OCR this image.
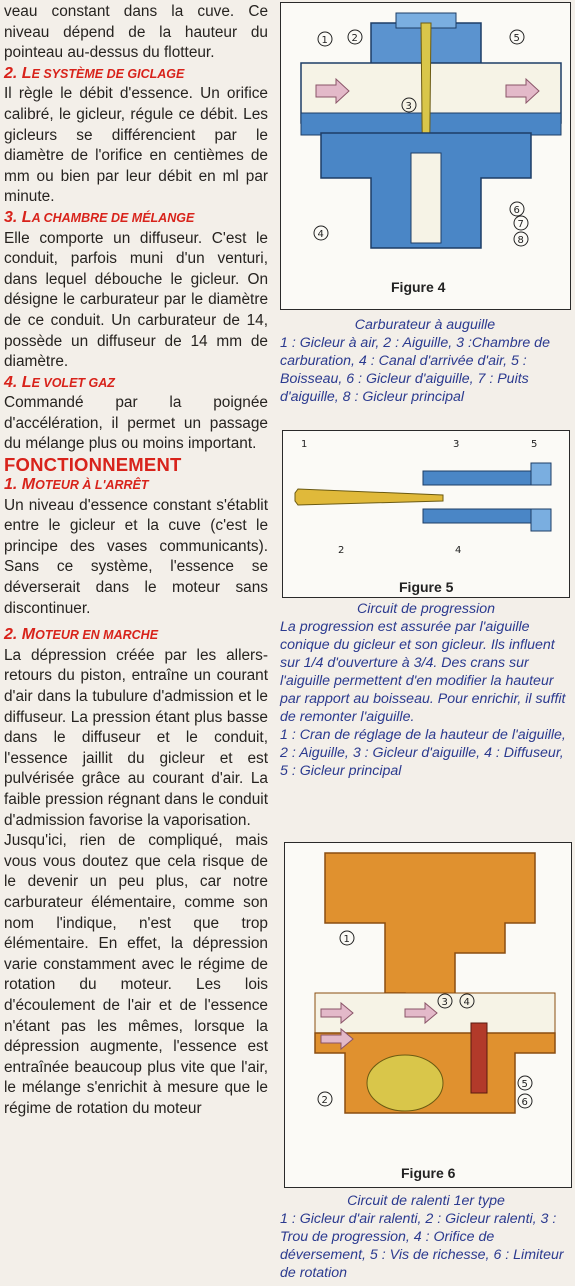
veau constant dans la cuve. Ce niveau dépend de la hauteur du pointeau au-dessus du flotteur.

2. LE SYSTÈME DE GICLAGE

Il règle le débit d'essence. Un orifice calibré, le gicleur, régule ce débit. Les gicleurs se différencient par le diamètre de l'orifice en centièmes de mm ou bien par leur débit en ml par minute.

3. LA CHAMBRE DE MÉLANGE

Elle comporte un diffuseur. C'est le conduit, parfois muni d'un venturi, dans lequel débouche le gicleur. On désigne le carburateur par le diamètre de ce conduit. Un carburateur de 14, possède un diffuseur de 14 mm de diamètre.

4. LE VOLET GAZ

Commandé par la poignée d'accélération, il permet un passage du mélange plus ou moins important.

FONCTIONNEMENT

1. MOTEUR À L'ARRÊT

Un niveau d'essence constant s'établit entre le gicleur et la cuve (c'est le principe des vases communicants). Sans ce système, l'essence se déverserait dans le moteur sans discontinuer.

2. MOTEUR EN MARCHE

La dépression créée par les allers-retours du piston, entraîne un courant d'air dans la tubulure d'admission et le diffuseur. La pression étant plus basse dans le diffuseur et le conduit, l'essence jaillit du gicleur et est pulvérisée grâce au courant d'air. La faible pression régnant dans le conduit d'admission favorise la vaporisation.

Jusqu'ici, rien de compliqué, mais vous vous doutez que cela risque de le devenir un peu plus, car notre carburateur élémentaire, comme son nom l'indique, n'est que trop élémentaire. En effet, la dépression varie constamment avec le régime de rotation du moteur. Les lois d'écoulement de l'air et de l'essence n'étant pas les mêmes, lorsque la dépression augmente, l'essence est entraînée beaucoup plus vite que l'air, le mélange s'enrichit à mesure que le régime de rotation du moteur

1 2
3
4
5
6
7
8
Figure 4
Carburateur à auguille

1 : Gicleur à air, 2 : Aiguille, 3 :Chambre de carburation, 4 : Canal d'arrivée d'air, 5 : Boisseau, 6 : Gicleur d'aiguille, 7 : Puits d'aiguille, 8 : Gicleur principal

1
2
3
4
5
Figure 5
Circuit de progression

La progression est assurée par l'aiguille conique du gicleur et son gicleur. Ils influent sur 1/4 d'ouverture à 3/4. Des crans sur l'aiguille permettent d'en modifier la hauteur par rapport au boisseau. Pour enrichir, il suffit de remonter l'aiguille.

1 : Cran de réglage de la hauteur de l'aiguille, 2 : Aiguille, 3 : Gicleur d'aiguille, 4 : Diffuseur, 5 : Gicleur principal

1
2
3 4
5
6
Figure 6
Circuit de ralenti 1er type

1 : Gicleur d'air ralenti, 2 : Gicleur ralenti, 3 : Trou de progression, 4 : Orifice de déversement, 5 : Vis de richesse, 6 : Limiteur de rotation
